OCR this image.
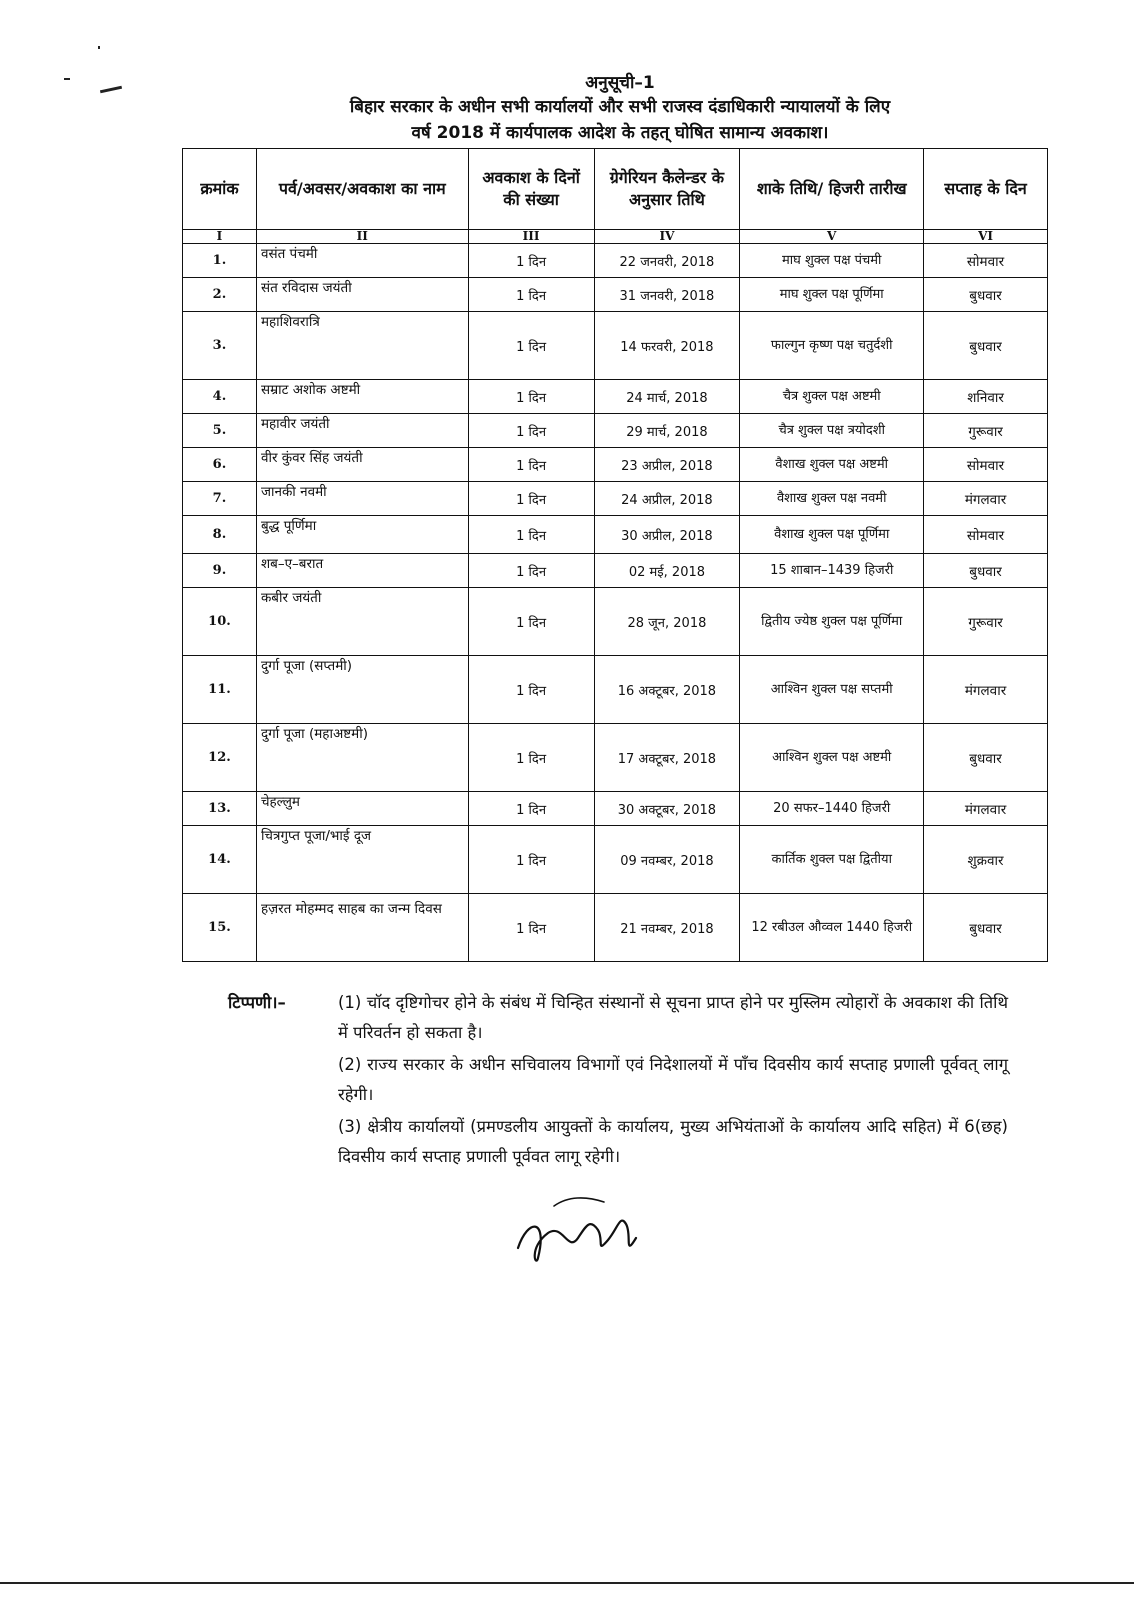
अनुसूची–1
बिहार सरकार के अधीन सभी कार्यालयों और सभी राजस्व दंडाधिकारी न्यायालयों के लिए
वर्ष 2018 में कार्यपालक आदेश के तहत् घोषित सामान्य अवकाश।
क्रमांक	पर्व/अवसर/अवकाश का नाम	अवकाश के दिनों की संख्या	ग्रेगेरियन कैलेन्डर के अनुसार तिथि	शाके तिथि/ हिजरी तारीख	सप्ताह के दिन
I	II	III	IV	V	VI
1.	वसंत पंचमी	1 दिन	22 जनवरी, 2018	माघ शुक्ल पक्ष पंचमी	सोमवार
2.	संत रविदास जयंती	1 दिन	31 जनवरी, 2018	माघ शुक्ल पक्ष पूर्णिमा	बुधवार
3.	महाशिवरात्रि	1 दिन	14 फरवरी, 2018	फाल्गुन कृष्ण पक्ष चतुर्दशी	बुधवार
4.	सम्राट अशोक अष्टमी	1 दिन	24 मार्च, 2018	चैत्र शुक्ल पक्ष अष्टमी	शनिवार
5.	महावीर जयंती	1 दिन	29 मार्च, 2018	चैत्र शुक्ल पक्ष त्रयोदशी	गुरूवार
6.	वीर कुंवर सिंह जयंती	1 दिन	23 अप्रील, 2018	वैशाख शुक्ल पक्ष अष्टमी	सोमवार
7.	जानकी नवमी	1 दिन	24 अप्रील, 2018	वैशाख शुक्ल पक्ष नवमी	मंगलवार
8.	बुद्ध पूर्णिमा	1 दिन	30 अप्रील, 2018	वैशाख शुक्ल पक्ष पूर्णिमा	सोमवार
9.	शब–ए–बरात	1 दिन	02 मई, 2018	15 शाबान–1439 हिजरी	बुधवार
10.	कबीर जयंती	1 दिन	28 जून, 2018	द्वितीय ज्येष्ठ शुक्ल पक्ष पूर्णिमा	गुरूवार
11.	दुर्गा पूजा (सप्तमी)	1 दिन	16 अक्टूबर, 2018	आश्विन शुक्ल पक्ष सप्तमी	मंगलवार
12.	दुर्गा पूजा (महाअष्टमी)	1 दिन	17 अक्टूबर, 2018	आश्विन शुक्ल पक्ष अष्टमी	बुधवार
13.	चेहल्लुम	1 दिन	30 अक्टूबर, 2018	20 सफर–1440 हिजरी	मंगलवार
14.	चित्रगुप्त पूजा/भाई दूज	1 दिन	09 नवम्बर, 2018	कार्तिक शुक्ल पक्ष द्वितीया	शुक्रवार
15.	हज़रत मोहम्मद साहब का जन्म दिवस	1 दिन	21 नवम्बर, 2018	12 रबीउल औव्वल 1440 हिजरी	बुधवार
टिप्पणी।–	(1) चॉद दृष्टिगोचर होने के संबंध में चिन्हित संस्थानों से सूचना प्राप्त होने पर मुस्लिम त्योहारों के अवकाश की तिथि में परिवर्तन हो सकता है।

(2) राज्य सरकार के अधीन सचिवालय विभागों एवं निदेशालयों में पाँच दिवसीय कार्य सप्ताह प्रणाली पूर्ववत् लागू रहेगी।

(3) क्षेत्रीय कार्यालयों (प्रमण्डलीय आयुक्तों के कार्यालय, मुख्य अभियंताओं के कार्यालय आदि सहित) में 6(छह) दिवसीय कार्य सप्ताह प्रणाली पूर्ववत लागू रहेगी।
